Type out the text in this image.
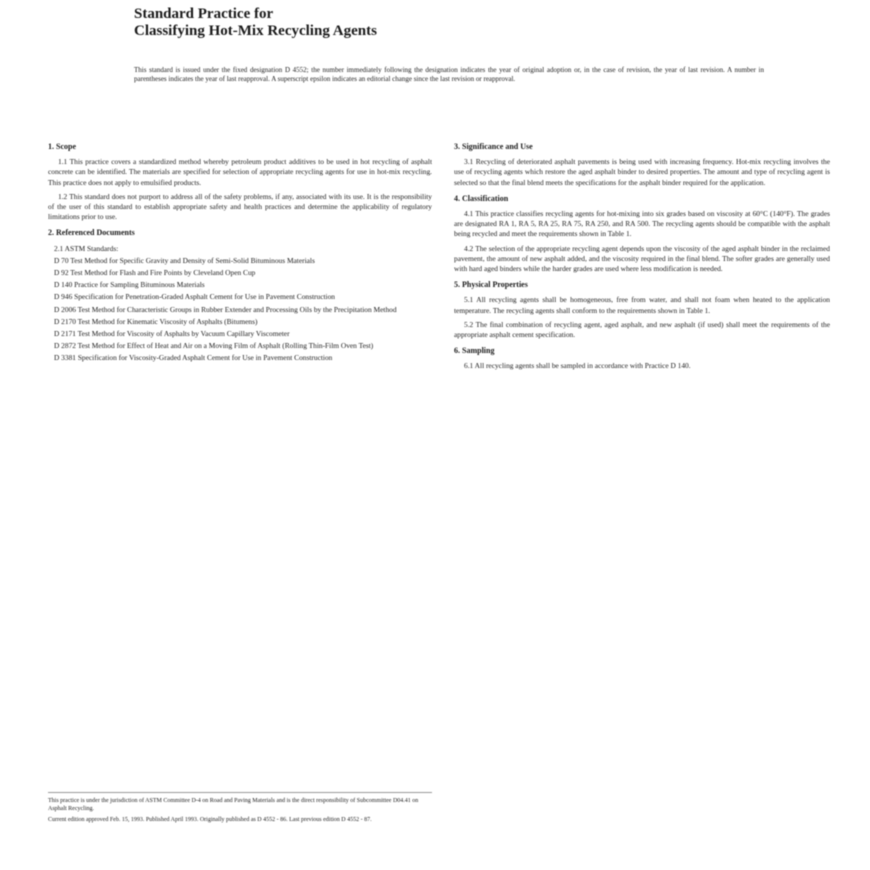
Standard Practice for

Classifying Hot-Mix Recycling Agents

This standard is issued under the fixed designation D 4552; the number immediately following the designation indicates the year of original adoption or, in the case of revision, the year of last revision. A number in parentheses indicates the year of last reapproval. A superscript epsilon indicates an editorial change since the last revision or reapproval.
1. Scope

1.1 This practice covers a standardized method whereby petroleum product additives to be used in hot recycling of asphalt concrete can be identified. The materials are specified for selection of appropriate recycling agents for use in hot-mix recycling. This practice does not apply to emulsified products.

1.2 This standard does not purport to address all of the safety problems, if any, associated with its use. It is the responsibility of the user of this standard to establish appropriate safety and health practices and determine the applicability of regulatory limitations prior to use.

2. Referenced Documents
2.1 ASTM Standards:
D 70 Test Method for Specific Gravity and Density of Semi-Solid Bituminous Materials
D 92 Test Method for Flash and Fire Points by Cleveland Open Cup
D 140 Practice for Sampling Bituminous Materials
D 946 Specification for Penetration-Graded Asphalt Cement for Use in Pavement Construction
D 2006 Test Method for Characteristic Groups in Rubber Extender and Processing Oils by the Precipitation Method
D 2170 Test Method for Kinematic Viscosity of Asphalts (Bitumens)
D 2171 Test Method for Viscosity of Asphalts by Vacuum Capillary Viscometer
D 2872 Test Method for Effect of Heat and Air on a Moving Film of Asphalt (Rolling Thin-Film Oven Test)
D 3381 Specification for Viscosity-Graded Asphalt Cement for Use in Pavement Construction
3. Significance and Use

3.1 Recycling of deteriorated asphalt pavements is being used with increasing frequency. Hot-mix recycling involves the use of recycling agents which restore the aged asphalt binder to desired properties. The amount and type of recycling agent is selected so that the final blend meets the specifications for the asphalt binder required for the application.

4. Classification

4.1 This practice classifies recycling agents for hot-mixing into six grades based on viscosity at 60°C (140°F). The grades are designated RA 1, RA 5, RA 25, RA 75, RA 250, and RA 500. The recycling agents should be compatible with the asphalt being recycled and meet the requirements shown in Table 1.

4.2 The selection of the appropriate recycling agent depends upon the viscosity of the aged asphalt binder in the reclaimed pavement, the amount of new asphalt added, and the viscosity required in the final blend. The softer grades are generally used with hard aged binders while the harder grades are used where less modification is needed.

5. Physical Properties

5.1 All recycling agents shall be homogeneous, free from water, and shall not foam when heated to the application temperature. The recycling agents shall conform to the requirements shown in Table 1.

5.2 The final combination of recycling agent, aged asphalt, and new asphalt (if used) shall meet the requirements of the appropriate asphalt cement specification.

6. Sampling

6.1 All recycling agents shall be sampled in accordance with Practice D 140.

This practice is under the jurisdiction of ASTM Committee D-4 on Road and Paving Materials and is the direct responsibility of Subcommittee D04.41 on Asphalt Recycling.

Current edition approved Feb. 15, 1993. Published April 1993. Originally published as D 4552 - 86. Last previous edition D 4552 - 87.
